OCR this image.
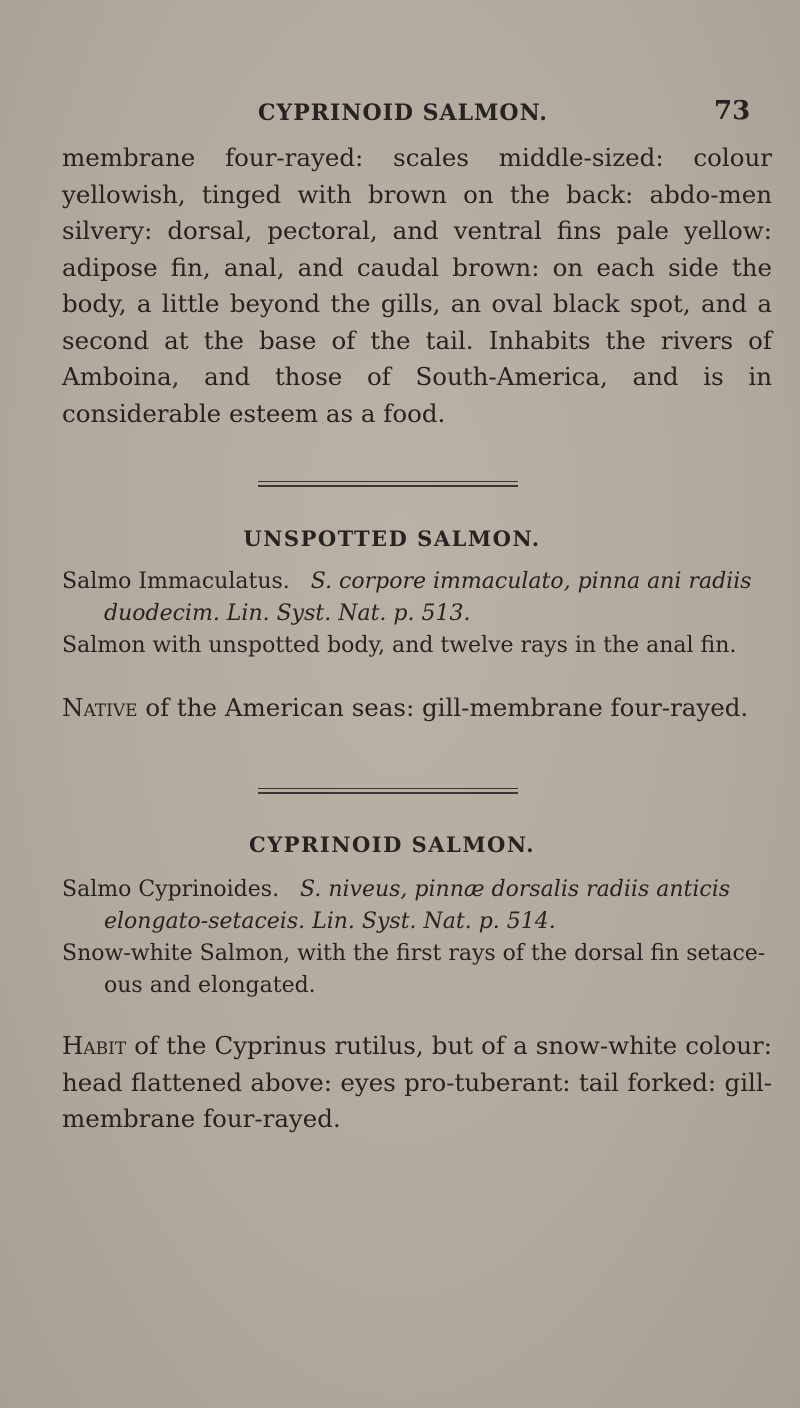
CYPRINOID SALMON.	73
membrane four-rayed: scales middle-sized: colour yellowish, tinged with brown on the back: abdo-men silvery: dorsal, pectoral, and ventral fins pale yellow: adipose fin, anal, and caudal brown: on each side the body, a little beyond the gills, an oval black spot, and a second at the base of the tail. Inhabits the rivers of Amboina, and those of South-America, and is in considerable esteem as a food.
UNSPOTTED SALMON.
Salmo Immaculatus. S. corpore immaculato, pinna ani radiis
duodecim. Lin. Syst. Nat. p. 513.
Salmon with unspotted body, and twelve rays in the anal fin.
Native of the American seas: gill-membrane four-rayed.
CYPRINOID SALMON.
Salmo Cyprinoides. S. niveus, pinnæ dorsalis radiis anticis
elongato-setaceis. Lin. Syst. Nat. p. 514.
Snow-white Salmon, with the first rays of the dorsal fin setace-
ous and elongated.
Habit of the Cyprinus rutilus, but of a snow-white colour: head flattened above: eyes pro-tuberant: tail forked: gill-membrane four-rayed.
